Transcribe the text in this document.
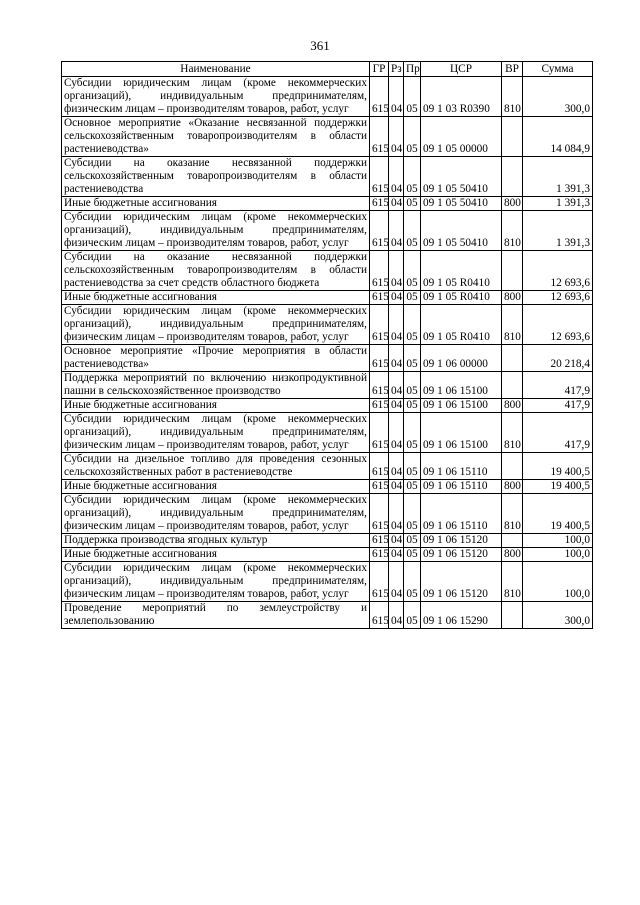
361
Наименование	ГР	Рз	Пр	ЦСР	ВР	Сумма
Субсидии юридическим лицам (кроме некоммерческих организаций), индивидуальным предпринимателям, физическим лицам – производителям товаров, работ, услуг	615	04	05	09 1 03 R0390	810	300,0
Основное мероприятие «Оказание несвязанной поддержки сельскохозяйственным товаропроизводителям в области растениеводства»	615	04	05	09 1 05 00000		14 084,9
Субсидии на оказание несвязанной поддержки сельскохозяйственным товаропроизводителям в области растениеводства	615	04	05	09 1 05 50410		1 391,3
Иные бюджетные ассигнования	615	04	05	09 1 05 50410	800	1 391,3
Субсидии юридическим лицам (кроме некоммерческих организаций), индивидуальным предпринимателям, физическим лицам – производителям товаров, работ, услуг	615	04	05	09 1 05 50410	810	1 391,3
Субсидии на оказание несвязанной поддержки сельскохозяйственным товаропроизводителям в области растениеводства за счет средств областного бюджета	615	04	05	09 1 05 R0410		12 693,6
Иные бюджетные ассигнования	615	04	05	09 1 05 R0410	800	12 693,6
Субсидии юридическим лицам (кроме некоммерческих организаций), индивидуальным предпринимателям, физическим лицам – производителям товаров, работ, услуг	615	04	05	09 1 05 R0410	810	12 693,6
Основное мероприятие «Прочие мероприятия в области растениеводства»	615	04	05	09 1 06 00000		20 218,4
Поддержка мероприятий по включению низкопродуктивной пашни в сельскохозяйственное производство	615	04	05	09 1 06 15100		417,9
Иные бюджетные ассигнования	615	04	05	09 1 06 15100	800	417,9
Субсидии юридическим лицам (кроме некоммерческих организаций), индивидуальным предпринимателям, физическим лицам – производителям товаров, работ, услуг	615	04	05	09 1 06 15100	810	417,9
Субсидии на дизельное топливо для проведения сезонных сельскохозяйственных работ в растениеводстве	615	04	05	09 1 06 15110		19 400,5
Иные бюджетные ассигнования	615	04	05	09 1 06 15110	800	19 400,5
Субсидии юридическим лицам (кроме некоммерческих организаций), индивидуальным предпринимателям, физическим лицам – производителям товаров, работ, услуг	615	04	05	09 1 06 15110	810	19 400,5
Поддержка производства ягодных культур	615	04	05	09 1 06 15120		100,0
Иные бюджетные ассигнования	615	04	05	09 1 06 15120	800	100,0
Субсидии юридическим лицам (кроме некоммерческих организаций), индивидуальным предпринимателям, физическим лицам – производителям товаров, работ, услуг	615	04	05	09 1 06 15120	810	100,0
Проведение мероприятий по землеустройству и землепользованию	615	04	05	09 1 06 15290		300,0
